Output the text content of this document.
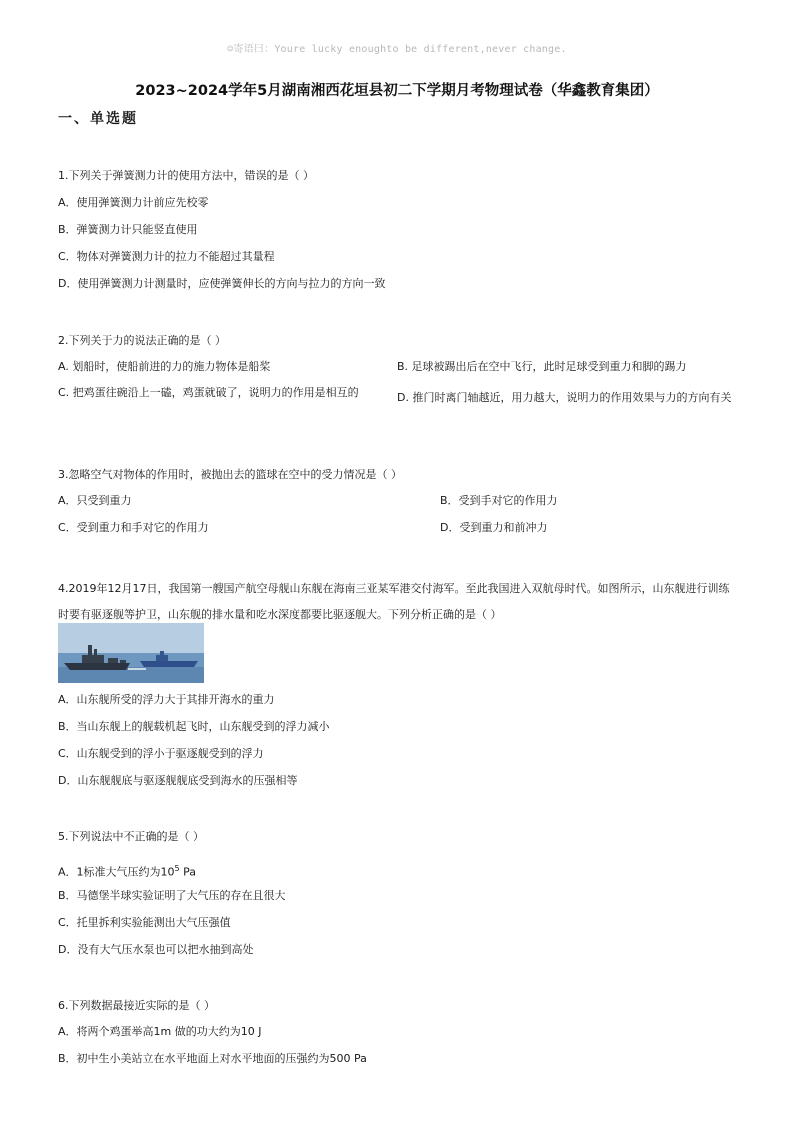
☺寄语曰：Youre lucky enoughto be different,never change.
2023~2024学年5月湖南湘西花垣县初二下学期月考物理试卷（华鑫教育集团）
一、单选题

1.下列关于弹簧测力计的使用方法中，错误的是（ ）

A．使用弹簧测力计前应先校零
B．弹簧测力计只能竖直使用
C．物体对弹簧测力计的拉力不能超过其量程
D．使用弹簧测力计测量时，应使弹簧伸长的方向与拉力的方向一致

2.下列关于力的说法正确的是（ ）

A. 划船时，使船前进的力的施力物体是船桨	B. 足球被踢出后在空中飞行，此时足球受到重力和脚的踢力
C. 把鸡蛋往碗沿上一磕，鸡蛋就破了，说明力的作用是相互的	D. 推门时离门轴越近，用力越大，说明力的作用效果与力的方向有关

3.忽略空气对物体的作用时，被抛出去的篮球在空中的受力情况是（ ）

A．只受到重力	B．受到手对它的作用力
C．受到重力和手对它的作用力	D．受到重力和前冲力

4.2019年12月17日，我国第一艘国产航空母舰山东舰在海南三亚某军港交付海军。至此我国进入双航母时代。如图所示，山东舰进行训练时要有驱逐舰等护卫，山东舰的排水量和吃水深度都要比驱逐舰大。下列分析正确的是（ ）

A．山东舰所受的浮力大于其排开海水的重力
B．当山东舰上的舰载机起飞时，山东舰受到的浮力减小
C．山东舰受到的浮小于驱逐舰受到的浮力
D．山东舰舰底与驱逐舰舰底受到海水的压强相等

5.下列说法中不正确的是（ ）

A．1标准大气压约为$10^5$ Pa
B．马德堡半球实验证明了大气压的存在且很大
C．托里拆利实验能测出大气压强值
D．没有大气压水泵也可以把水抽到高处

6.下列数据最接近实际的是（ ）

A．将两个鸡蛋举高1m 做的功大约为10 J
B．初中生小美站立在水平地面上对水平地面的压强约为500 Pa
